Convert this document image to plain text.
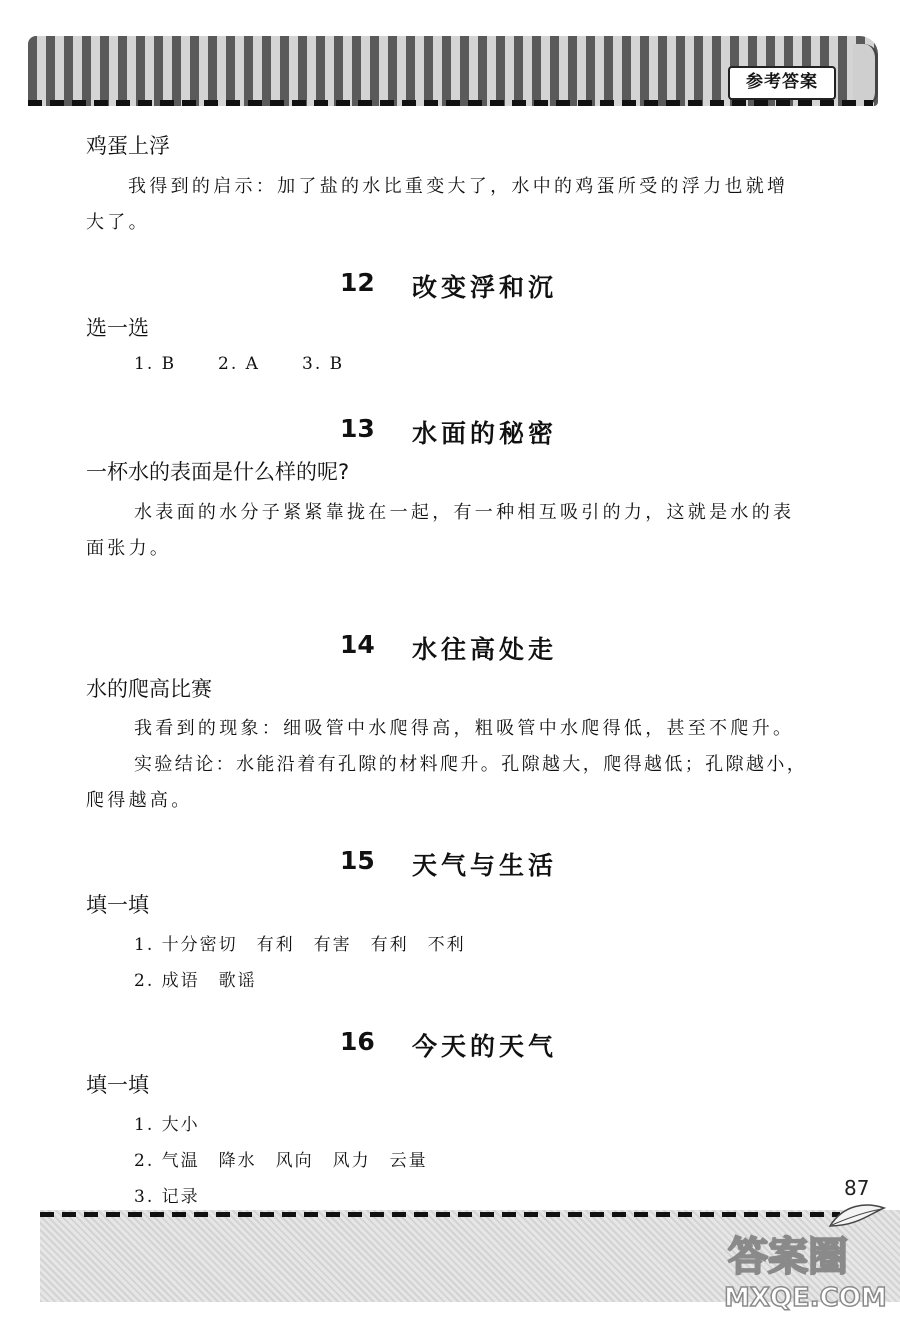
参考答案
鸡蛋上浮
我得到的启示：加了盐的水比重变大了，水中的鸡蛋所受的浮力也就增
大了。
12 改变浮和沉
选一选
1. B 2. A 3. B
13 水面的秘密
一杯水的表面是什么样的呢?
水表面的水分子紧紧靠拢在一起，有一种相互吸引的力，这就是水的表
面张力。
14 水往高处走
水的爬高比赛
我看到的现象：细吸管中水爬得高，粗吸管中水爬得低，甚至不爬升。
实验结论：水能沿着有孔隙的材料爬升。孔隙越大，爬得越低；孔隙越小，
爬得越高。
15 天气与生活
填一填
1. 十分密切　有利　有害　有利　不利
2. 成语　歌谣
16 今天的天气
填一填
1. 大小
2. 气温　降水　风向　风力　云量
3. 记录	87
答案圈
MXQE.COM
